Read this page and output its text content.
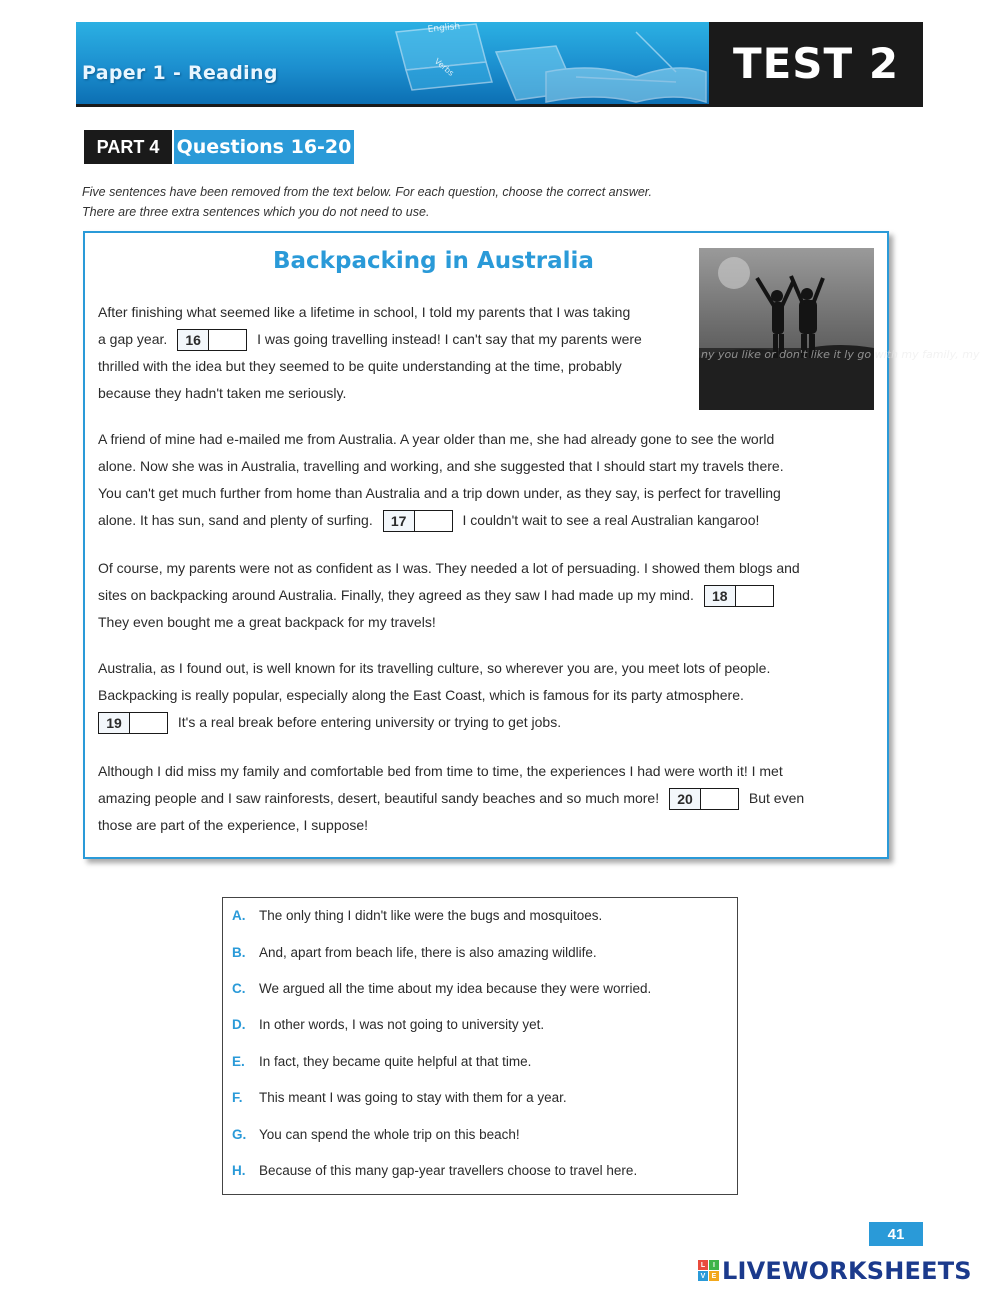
English
Verbs
Paper 1 - Reading	TEST 2
PART 4 Questions 16-20
Five sentences have been removed from the text below. For each question, choose the correct answer.
There are three extra sentences which you do not need to use.
Backpacking in Australia
ny you like or don't like it ly go with my family, my
After finishing what seemed like a lifetime in school, I told my parents that I was taking
a gap year.	16	I was going travelling instead! I can't say that my parents were
thrilled with the idea but they seemed to be quite understanding at the time, probably
because they hadn't taken me seriously.
A friend of mine had e-mailed me from Australia. A year older than me, she had already gone to see the world
alone. Now she was in Australia, travelling and working, and she suggested that I should start my travels there.
You can't get much further from home than Australia and a trip down under, as they say, is perfect for travelling
alone. It has sun, sand and plenty of surfing.	17	I couldn't wait to see a real Australian kangaroo!
Of course, my parents were not as confident as I was. They needed a lot of persuading. I showed them blogs and
sites on backpacking around Australia. Finally, they agreed as they saw I had made up my mind.	18
They even bought me a great backpack for my travels!
Australia, as I found out, is well known for its travelling culture, so wherever you are, you meet lots of people.
Backpacking is really popular, especially along the East Coast, which is famous for its party atmosphere.
19	It's a real break before entering university or trying to get jobs.
Although I did miss my family and comfortable bed from time to time, the experiences I had were worth it! I met
amazing people and I saw rainforests, desert, beautiful sandy beaches and so much more!	20	But even
those are part of the experience, I suppose!
A. The only thing I didn't like were the bugs and mosquitoes.
B. And, apart from beach life, there is also amazing wildlife.
C. We argued all the time about my idea because they were worried.
D. In other words, I was not going to university yet.
E. In fact, they became quite helpful at that time.
F. This meant I was going to stay with them for a year.
G. You can spend the whole trip on this beach!
H. Because of this many gap-year travellers choose to travel here.
41
L	I
V E LIVEWORKSHEETS
